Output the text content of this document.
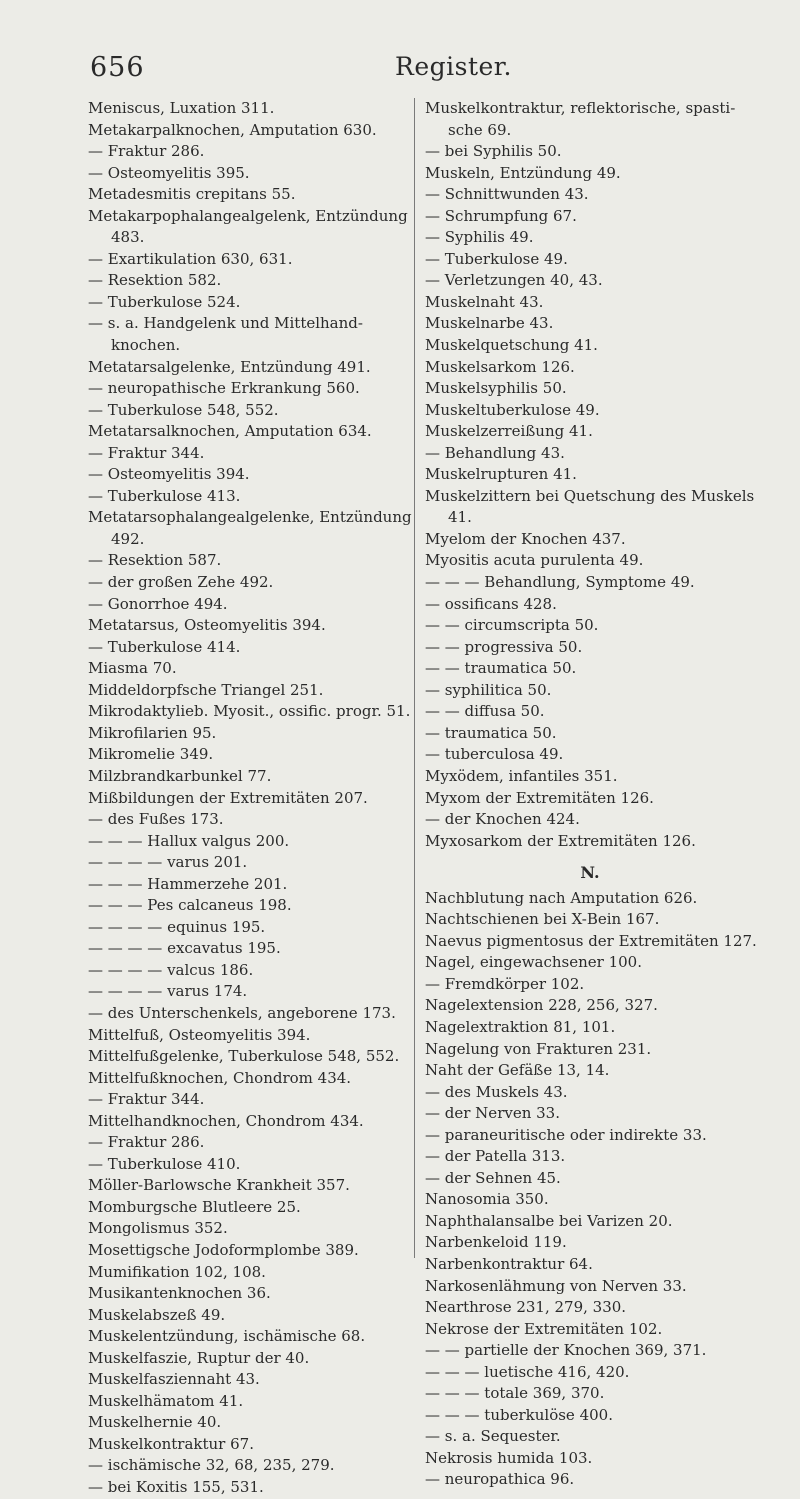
656	Register.
Meniscus, Luxation 311.
Metakarpalknochen, Amputation 630.
— Fraktur 286.
— Osteomyelitis 395.
Metadesmitis crepitans 55.
Metakarpophalangealgelenk, Entzündung
483.
— Exartikulation 630, 631.
— Resektion 582.
— Tuberkulose 524.
— s. a. Handgelenk und Mittelhand-
knochen.
Metatarsalgelenke, Entzündung 491.
— neuropathische Erkrankung 560.
— Tuberkulose 548, 552.
Metatarsalknochen, Amputation 634.
— Fraktur 344.
— Osteomyelitis 394.
— Tuberkulose 413.
Metatarsophalangealgelenke, Entzündung
492.
— Resektion 587.
— der großen Zehe 492.
— Gonorrhoe 494.
Metatarsus, Osteomyelitis 394.
— Tuberkulose 414.
Miasma 70.
Middeldorpfsche Triangel 251.
Mikrodaktylieb. Myosit., ossific. progr. 51.
Mikrofilarien 95.
Mikromelie 349.
Milzbrandkarbunkel 77.
Mißbildungen der Extremitäten 207.
— des Fußes 173.
— — — Hallux valgus 200.
— — — — varus 201.
— — — Hammerzehe 201.
— — — Pes calcaneus 198.
— — — — equinus 195.
— — — — excavatus 195.
— — — — valcus 186.
— — — — varus 174.
— des Unterschenkels, angeborene 173.
Mittelfuß, Osteomyelitis 394.
Mittelfußgelenke, Tuberkulose 548, 552.
Mittelfußknochen, Chondrom 434.
— Fraktur 344.
Mittelhandknochen, Chondrom 434.
— Fraktur 286.
— Tuberkulose 410.
Möller-Barlowsche Krankheit 357.
Momburgsche Blutleere 25.
Mongolismus 352.
Mosettigsche Jodoformplombe 389.
Mumifikation 102, 108.
Musikantenknochen 36.
Muskelabszeß 49.
Muskelentzündung, ischämische 68.
Muskelfaszie, Ruptur der 40.
Muskelfasziennaht 43.
Muskelhämatom 41.
Muskelhernie 40.
Muskelkontraktur 67.
— ischämische 32, 68, 235, 279.
— bei Koxitis 155, 531.
Muskelkontraktur, reflektorische, spasti-
sche 69.
— bei Syphilis 50.
Muskeln, Entzündung 49.
— Schnittwunden 43.
— Schrumpfung 67.
— Syphilis 49.
— Tuberkulose 49.
— Verletzungen 40, 43.
Muskelnaht 43.
Muskelnarbe 43.
Muskelquetschung 41.
Muskelsarkom 126.
Muskelsyphilis 50.
Muskeltuberkulose 49.
Muskelzerreißung 41.
— Behandlung 43.
Muskelrupturen 41.
Muskelzittern bei Quetschung des Muskels
41.
Myelom der Knochen 437.
Myositis acuta purulenta 49.
— — — Behandlung, Symptome 49.
— ossificans 428.
— — circumscripta 50.
— — progressiva 50.
— — traumatica 50.
— syphilitica 50.
— — diffusa 50.
— traumatica 50.
— tuberculosa 49.
Myxödem, infantiles 351.
Myxom der Extremitäten 126.
— der Knochen 424.
Myxosarkom der Extremitäten 126.
N.
Nachblutung nach Amputation 626.
Nachtschienen bei X-Bein 167.
Naevus pigmentosus der Extremitäten 127.
Nagel, eingewachsener 100.
— Fremdkörper 102.
Nagelextension 228, 256, 327.
Nagelextraktion 81, 101.
Nagelung von Frakturen 231.
Naht der Gefäße 13, 14.
— des Muskels 43.
— der Nerven 33.
— paraneuritische oder indirekte 33.
— der Patella 313.
— der Sehnen 45.
Nanosomia 350.
Naphthalansalbe bei Varizen 20.
Narbenkeloid 119.
Narbenkontraktur 64.
Narkosenlähmung von Nerven 33.
Nearthrose 231, 279, 330.
Nekrose der Extremitäten 102.
— — partielle der Knochen 369, 371.
— — — luetische 416, 420.
— — — totale 369, 370.
— — — tuberkulöse 400.
— s. a. Sequester.
Nekrosis humida 103.
— neuropathica 96.
